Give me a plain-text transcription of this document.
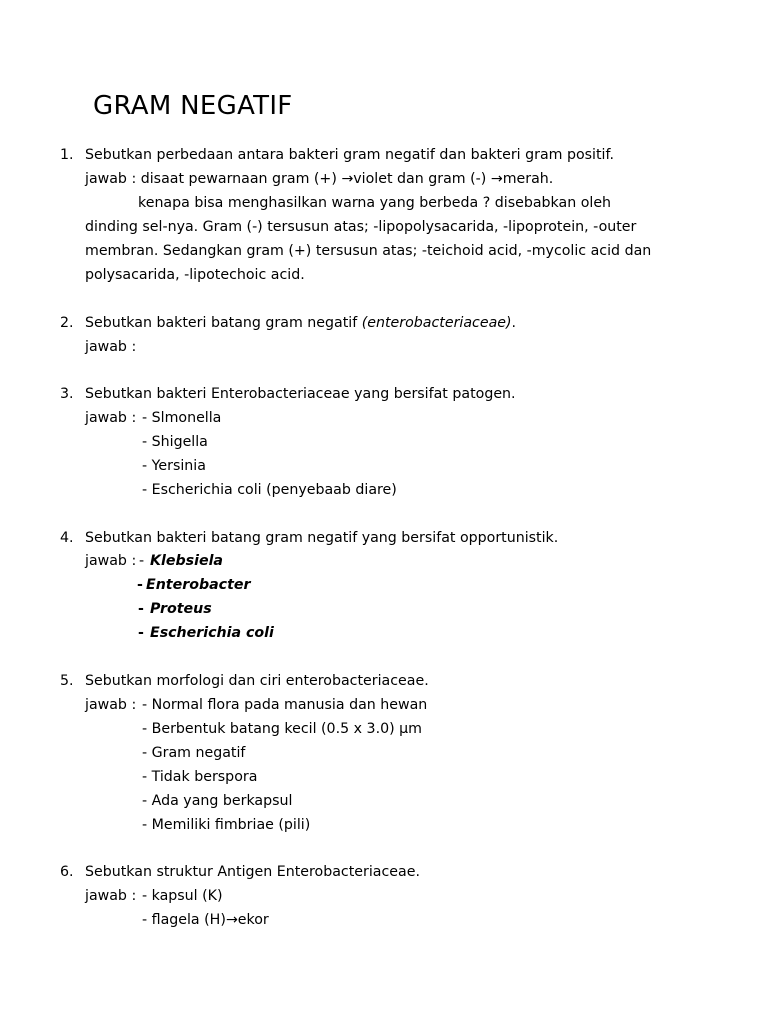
GRAM NEGATIF
1. Sebutkan perbedaan antara bakteri gram negatif dan bakteri gram positif.
jawab : disaat pewarnaan gram (+) →violet dan gram (-) →merah.
kenapa bisa menghasilkan warna yang berbeda ? disebabkan oleh
dinding sel-nya. Gram (-) tersusun atas; -lipopolysacarida, -lipoprotein, -outer
membran. Sedangkan gram (+) tersusun atas; -teichoid acid, -mycolic acid dan
polysacarida, -lipotechoic acid.
2. Sebutkan bakteri batang gram negatif (enterobacteriaceae).
jawab :
3. Sebutkan bakteri Enterobacteriaceae yang bersifat patogen.
jawab : - Slmonella
- Shigella
- Yersinia
- Escherichia coli (penyebaab diare)
4. Sebutkan bakteri batang gram negatif yang bersifat opportunistik.
jawab : - Klebsiela
- Enterobacter
- Proteus
- Escherichia coli
5. Sebutkan morfologi dan ciri enterobacteriaceae.
jawab : - Normal flora pada manusia dan hewan
- Berbentuk batang kecil (0.5 x 3.0) µm
- Gram negatif
- Tidak berspora
- Ada yang berkapsul
- Memiliki fimbriae (pili)
6. Sebutkan struktur Antigen Enterobacteriaceae.
jawab : - kapsul (K)
- flagela (H)→ekor
